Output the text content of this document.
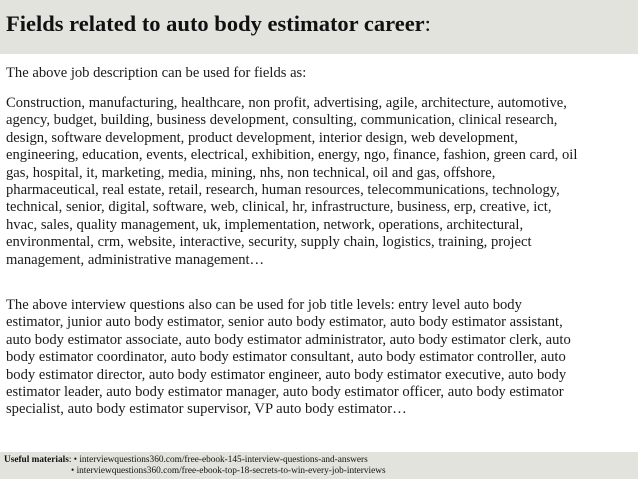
Fields related to auto body estimator career:
The above job description can be used for fields as:
Construction, manufacturing, healthcare, non profit, advertising, agile, architecture, automotive,
agency, budget, building, business development, consulting, communication, clinical research,
design, software development, product development, interior design, web development,
engineering, education, events, electrical, exhibition, energy, ngo, finance, fashion, green card, oil
gas, hospital, it, marketing, media, mining, nhs, non technical, oil and gas, offshore,
pharmaceutical, real estate, retail, research, human resources, telecommunications, technology,
technical, senior, digital, software, web, clinical, hr, infrastructure, business, erp, creative, ict,
hvac, sales, quality management, uk, implementation, network, operations, architectural,
environmental, crm, website, interactive, security, supply chain, logistics, training, project
management, administrative management…
The above interview questions also can be used for job title levels: entry level auto body
estimator, junior auto body estimator, senior auto body estimator, auto body estimator assistant,
auto body estimator associate, auto body estimator administrator, auto body estimator clerk, auto
body estimator coordinator, auto body estimator consultant, auto body estimator controller, auto
body estimator director, auto body estimator engineer, auto body estimator executive, auto body
estimator leader, auto body estimator manager, auto body estimator officer, auto body estimator
specialist, auto body estimator supervisor, VP auto body estimator…
Useful materials: • interviewquestions360.com/free-ebook-145-interview-questions-and-answers
• interviewquestions360.com/free-ebook-top-18-secrets-to-win-every-job-interviews
